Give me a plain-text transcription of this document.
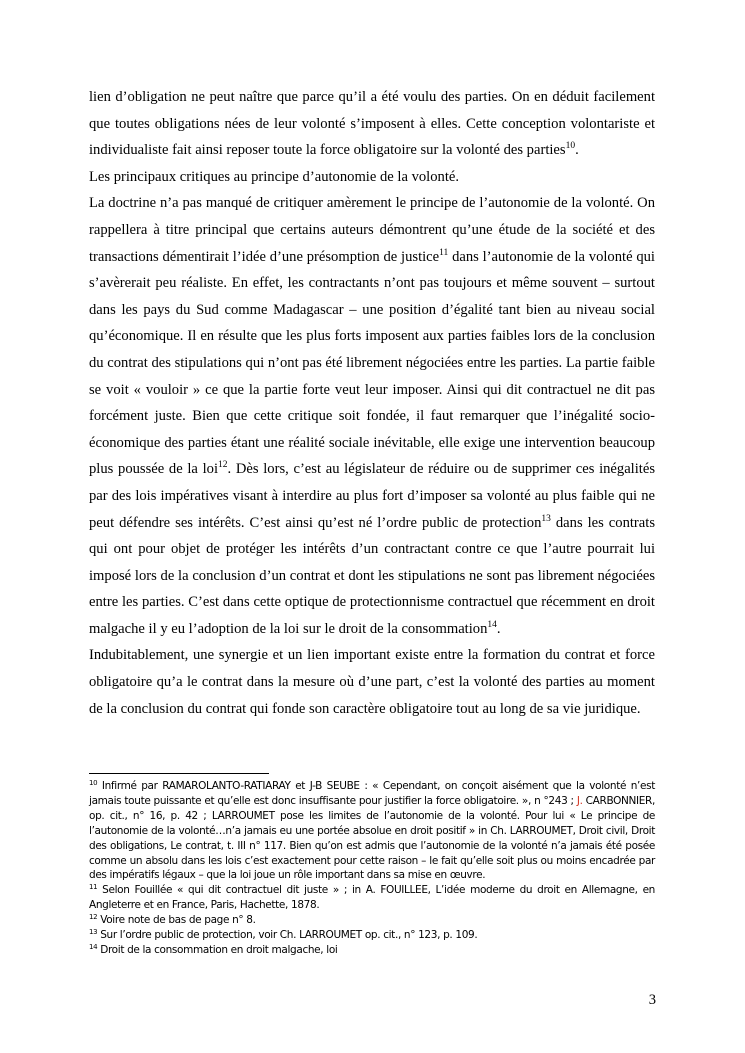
lien d’obligation ne peut naître que parce qu’il a été voulu des parties. On en déduit facilement que toutes obligations nées de leur volonté s’imposent à elles. Cette conception volontariste et individualiste fait ainsi reposer toute la force obligatoire sur la volonté des parties$^{10}$.

Les principaux critiques au principe d’autonomie de la volonté.

La doctrine n’a pas manqué de critiquer amèrement le principe de l’autonomie de la volonté. On rappellera à titre principal que certains auteurs démontrent qu’une étude de la société et des transactions démentirait l’idée d’une présomption de justice$^{11}$ dans l’autonomie de la volonté qui s’avèrerait peu réaliste. En effet, les contractants n’ont pas toujours et même souvent – surtout dans les pays du Sud comme Madagascar – une position d’égalité tant bien au niveau social qu’économique. Il en résulte que les plus forts imposent aux parties faibles lors de la conclusion du contrat des stipulations qui n’ont pas été librement négociées entre les parties. La partie faible se voit « vouloir » ce que la partie forte veut leur imposer. Ainsi qui dit contractuel ne dit pas forcément juste. Bien que cette critique soit fondée, il faut remarquer que l’inégalité socio-économique des parties étant une réalité sociale inévitable, elle exige une intervention beaucoup plus poussée de la loi$^{12}$. Dès lors, c’est au législateur de réduire ou de supprimer ces inégalités par des lois impératives visant à interdire au plus fort d’imposer sa volonté au plus faible qui ne peut défendre ses intérêts. C’est ainsi qu’est né l’ordre public de protection$^{13}$ dans les contrats qui ont pour objet de protéger les intérêts d’un contractant contre ce que l’autre pourrait lui imposé lors de la conclusion d’un contrat et dont les stipulations ne sont pas librement négociées entre les parties. C’est dans cette optique de protectionnisme contractuel que récemment en droit malgache il y eu l’adoption de la loi sur le droit de la consommation$^{14}$.

Indubitablement, une synergie et un lien important existe entre la formation du contrat et force obligatoire qu’a le contrat dans la mesure où d’une part, c’est la volonté des parties au moment de la conclusion du contrat qui fonde son caractère obligatoire tout au long de sa vie juridique.

$^{10}$ Infirmé par RAMAROLANTO-RATIARAY et J-B SEUBE : « Cependant, on conçoit aisément que la volonté n’est jamais toute puissante et qu’elle est donc insuffisante pour justifier la force obligatoire. », n °243 ; J. CARBONNIER, op. cit., n° 16, p. 42 ; LARROUMET pose les limites de l’autonomie de la volonté. Pour lui « Le principe de l’autonomie de la volonté…n’a jamais eu une portée absolue en droit positif » in Ch. LARROUMET, Droit civil, Droit des obligations, Le contrat, t. III n° 117. Bien qu’on est admis que l’autonomie de la volonté n’a jamais été posée comme un absolu dans les lois c’est exactement pour cette raison – le fait qu’elle soit plus ou moins encadrée par des impératifs légaux – que la loi joue un rôle important dans sa mise en œuvre.

$^{11}$ Selon Fouillée « qui dit contractuel dit juste » ; in A. FOUILLEE, L’idée moderne du droit en Allemagne, en Angleterre et en France, Paris, Hachette, 1878.

$^{12}$ Voire note de bas de page n° 8.

$^{13}$ Sur l’ordre public de protection, voir Ch. LARROUMET op. cit., n° 123, p. 109.

$^{14}$ Droit de la consommation en droit malgache, loi

3
